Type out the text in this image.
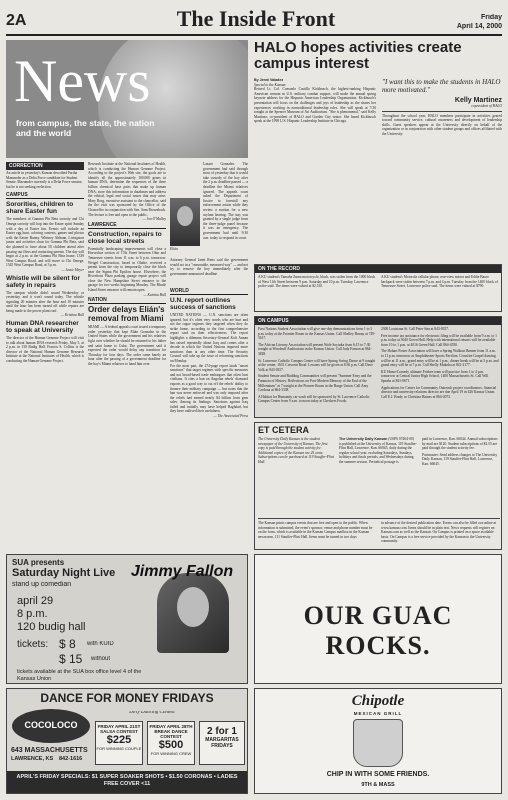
2A	The Inside Front	Friday
April 14, 2000
News
from campus, the state, the nation and the world
HALO hopes activities create campus interest
By Jenni Valadez
Special to the Kansan
Retired Lt. Col. Consuelo Castillo Kickbusch, the highest-ranking Hispanic American woman in U.S. military combat support, will make the annual spring keynote address for the Hispanic American Leadership Organization. Kickbusch's presentation will focus on the challenges and joys of leadership as she shares her experiences working in nontraditional leadership roles. She will speak at 7:30 tonight at the Spencer Museum of Art Auditorium. "She is phenomenal," said Kelly Martinez, co-president of HALO and Garden City senior. She heard Kickbusch speak at the 1998 U.S. Hispanic Leadership Institute in Chicago.
"I want this to make the students in HALO more motivated."
Kelly Martinez
copresident of HALO
Throughout the school year, HALO members participate in activities geared toward community service, cultural awareness and development of leadership skills. Guest speakers appear at the University directly on behalf of the organization or in conjunction with other student groups and offices affiliated with the University.
CORRECTION
An article in yesterday's Kansan described Partha Mazumder as a Delta Force candidate for Student Senate. Mazumder currently is a Delta Force senator, but he is not seeking reelection.
CAMPUS
Sororities, children to share Easter fun
The members of Gamma Phi Beta sorority and Chi Omega sorority will hop into the Easter spirit Sunday with a day of Easter fun. Events will include an Easter egg hunt, coloring contests, games and photos with the Easter Bunny. Whitney Ahlman, Livingston junior and activities chair for Gamma Phi Beta, said she planned to have about 50 children attend after passing out fliers and contacting parents. The day will begin at 2 p.m. at the Gamma Phi Beta house, 1339 West Campus Road, and will move to Chi Omega, 1345 West Campus Road, at 3 p.m.
— Jessie Meyer
Whistle will be silent for safety in repairs
The campus whistle didn't sound Wednesday or yesterday, and it won't sound today. The whistle signaling 20 minutes after the hour and 10 minutes until the hour has been turned off while repairs are being made to the power plant roof.
— Kristina Hull
Human DNA researcher to speak at University
The director of the Human Genome Project will visit to talk about human DNA research Friday, May 5, at 2 p.m. in 130 Budig Hall. Francis S. Collins is the director of the National Human Genome Research Institute at the National Institutes of Health, which is conducting the Human Genome Project.
Research Institute at the National Institutes of Health, which is conducting the Human Genome Project. According to the project's Web site, the goals are to identify all the approximately 100,000 genes in human DNA, determine the sequences of the three billion chemical base pairs that make up human DNA, store this information in databases and address the ethical, legal and social issues that may arise. Mary Borg, executive assistant to the chancellor, said the the visit was sponsored by the Office of the Chancellor in conjunction with Sen. Sam Brownback. The lecture is free and open to the public.
— Jon O'Malley
LAWRENCE
Construction, repairs to close local streets
Potentially landscaping improvements will close a Horseshoe section of 17th Street between Ohio and Tennessee streets from 11 a.m. to 6 p.m. tomorrow. Weigel Construction, based in Olathe, received a permit from the city to temporarily close the block near the Sigma Phi Epsilon house. Elsewhere, the Riverfront Plaza parking garage repair project will close the New Hampshire Street entrance to the garage for two weeks beginning Monday. The Rhode Island Street entrance will remain open.
— Katrina Hull
NATION
Order delays Elián's removal from Miami
MIAMI — A federal appeals court issued a temporary order yesterday that kept Elián Gonzalez in the United States while the government and his relatives fight over whether he should be returned to his father and saint home to Cuba. The government said it expected the order would delay any transition for Thursday for four days. The order came barely an hour after the passing of a government deadline for the boy's Miami relatives to hand him over.
Elián
Lazaro Gonzalez. The government had said through most of yesterday that it would take custody of the boy after the 2 p.m. deadline passed — a deadline the Miami relatives ignored. The appeals court asked the Department of Justice to forestall any enforcement action while they review a motion for a new asylum hearing. The stay was granted by a single judge from the three-judge panel because it was an emergency. The government had until 9:30 a.m. today to respond in court.
Attorney General Janet Reno said the government would act in a "reasonable, measured way" — and not try to remove the boy immediately after the government-announced deadline.
WORLD
U.N. report outlines success of sanctions
UNITED NATIONS — U.N. sanctions are often ignored, but it's often very words who are hurt and not the rogue regimes they targeted when they do strike home, according to the first comprehensive report card on their effectiveness. The report highlights a dilemma Secretary-General Kofi Annan has raised repeatedly about Iraq and comes after a decade in which the United Nations imposed more sanctions than at any other time. The Security Council will take up the issue of reforming sanctions on Monday.
For the most part, the 274-page report lauds "smart sanctions" that target regimes with specific measures and not broad-based trade embargoes that often hurt civilians. It cites a ban on Angolan rebels' diamond exports as a good way to cut off the rebels' ability to finance their military campaign — but notes that the ban was never enforced and was only imposed after the rebels had earned nearly $4 billion from gem sales. Among its findings: Sanctions against Iraq failed and initially may have helped Baghdad, but they have outlived their usefulness.
— The Associated Press
ON THE RECORD
A KU student's Yamaha Zuma motorcycle, black, was stolen from the 1000 block of West 11th Street between 9 p.m. Saturday and 10 p.m. Tuesday, Lawrence police said. The items were valued at $2,510.
A KU student's Motorola cellular phone, rear-view mirror and Eddie Bauer backpack were stolen between 7 p.m. and 4 p.m. Tuesday from the 1400 block of Tennessee Street, Lawrence police said. The items were valued at $790.
ON CAMPUS

First Nations Student Association will give one-day demonstrations from 1 to 3 p.m. today at the Frontier Room in the Kansas Union. Call Shelley Bunny at 749-5617.

The African Literary Association will present Wole Soyinka from 6:15 to 7:30 tonight at Woodruff Auditorium in the Kansas Union. Call Judy Fanson at 864-3828.

St. Lawrence Catholic Campus Center will have Spring Swing Dance at 9 tonight at the center, 1631 Crescent Road. Lessons will be given at 8:30 p.m. Call Dave Volk at 843-0357.

Student Senate and Building Communities will present "Summer Envy and the Paranoia of History: Reflections on Post-Modern Memory of the End of the Millennium" at 7 tonight at the Pioneer Room in the Burge Union. Call Amy Cardona at 864-3338.

A Habitat for Humanity car wash will be sponsored by St. Lawrence Catholic Campus Center from 9 a.m. to noon today at Checkers Foods.

2300 Louisiana St. Call Peter Sim at 843-0357.

Free income tax assistance for electronic filing will be available from 9 a.m. to 1 p.m. today at 3040 Green Hall. Help with international returns will be available from 10 to 1 p.m. at 4016 Green Hall. Call 864-4550.

The Hobart Foster Association will have a Spring Walkout Banner from 11 a.m. to 11 p.m. tomorrow at Amphitheater Sports Pavilion. Crossfire Gospel dancing will be at 11 a.m., grand entry will be at 1 p.m., dinner break will be at 5 p.m. and grand entry will be at 7 p.m. Call Shelly Mukoba at 841-2177.

KU Home/Comedy ultimate Frisbee team will practice from 1 to 4 p.m. tomorrow at Central Junior High School, 1400 Massachusetts St. Call Will Speaks at 841-0671.

Applications for Center for Community Outreach project coordinators, financial director and university relations director are due April 19 in 426 Kansas Union. Call E.J. Brady or Christina Haines at 864-4073.

ET CETERA
The University Daily Kansan is the student newspaper of the University of Kansas. The first copy is paid through the student activity fee. Additional copies of the Kansan are 25 cents. Subscriptions can be purchased at 119 Stauffer-Flint Hall.
The University Daily Kansan (USPS 07404-00) is published at the University of Kansas, 119 Stauffer-Flint Hall, Lawrence, Kan. 66045, daily during the regular school year, excluding Saturdays, Sundays, holidays and finals periods, and Wednesdays during the summer session. Periodical postage is

paid in Lawrence, Kan. 66044. Annual subscriptions by mail are $120. Student subscriptions of $2.55 are paid through the student activity fee.

Postmaster: Send address changes to The University Daily Kansan, 119 Stauffer-Flint Hall, Lawrence, Kan. 66045.

The Kansan prints campus events that are free and open to the public. When information is submitted, the event's sponsor, venue and phone number must be on the form, which is available in the Kansan Campus mailbox in the Kansan newsroom, 111 Stauffer-Flint Hall. Items must be turned in two days
in advance of the desired publication date. Forms can also be filled out online at www.kansan.com. Items should be in plain text. News requests will register on Kansan.com as well as the Kansan. On Campus is printed on a space available basis. On Campus is a free service provided by the Kansan to the University community.
SUA presents
Saturday Night Live
stand up comedian
Jimmy Fallon
april 29
8 p.m.
120 budig hall
tickets: $ 8 with KUID
$ 15 without
tickets available at the SUA box office level 4 of the Kansas Union
OUR GUAC ROCKS.
DANCE FOR MONEY FRIDAYS
COCOLOCO
643 MASSACHUSETTS
LAWRENCE, KS 842-1616
Dirty Dancing Contest
FRIDAY APRIL 21ST
SALSA CONTEST
$225
FOR WINNING COUPLE
FRIDAY APRIL 28TH
BREAK DANCE CONTEST
$500
FOR WINNING CREW
2 for 1
MARGARITAS
FRIDAYS
APRIL'S FRIDAY SPECIALS: $1 SUPER SOAKER SHOTS • $1.50 CORONAS • LADIES FREE COVER <11
Chipotle
MEXICAN GRILL
CHIP IN WITH SOME FRIENDS.
9TH & MASS
